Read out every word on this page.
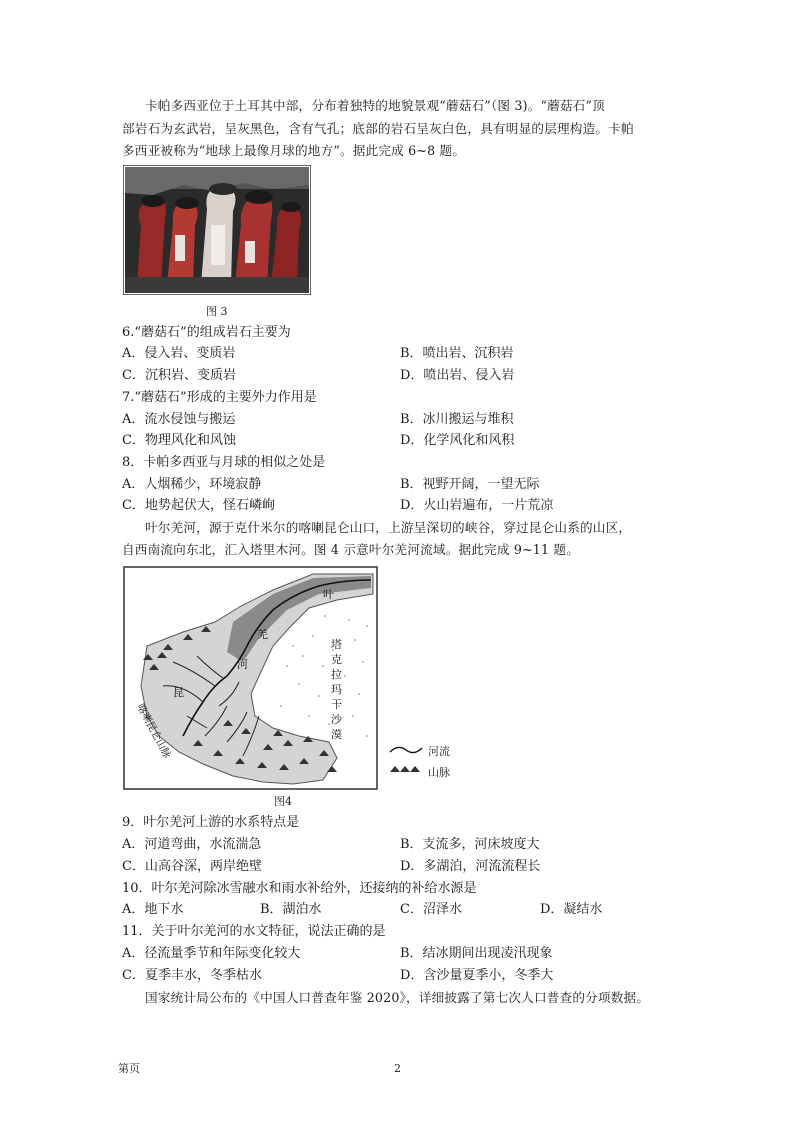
卡帕多西亚位于土耳其中部，分布着独特的地貌景观“蘑菇石”（图 3)。“蘑菇石”顶
部岩石为玄武岩，呈灰黑色，含有气孔；底部的岩石呈灰白色，具有明显的层理构造。卡帕
多西亚被称为“地球上最像月球的地方”。据此完成 6~8 题。
图 3
6.“蘑菇石”的组成岩石主要为
A．侵入岩、变质岩	B．喷出岩、沉积岩
C．沉积岩、变质岩	D．喷出岩、侵入岩
7.“蘑菇石”形成的主要外力作用是
A．流水侵蚀与搬运	B．冰川搬运与堆积
C．物理风化和风蚀	D．化学风化和风积
8．卡帕多西亚与月球的相似之处是
A．人烟稀少，环境寂静	B．视野开阔，一望无际
C．地势起伏大，怪石嶙峋	D．火山岩遍布，一片荒凉
叶尔羌河，源于克什米尔的喀喇昆仑山口，上游呈深切的峡谷，穿过昆仑山系的山区，
自西南流向东北，汇入塔里木河。图 4 示意叶尔羌河流域。据此完成 9~11 题。
叶
羌
河
昆
塔
克
拉
玛
干
沙
漠
喀喇昆仑山脉	河流
山脉
图4
9．叶尔羌河上游的水系特点是
A．河道弯曲，水流湍急	B．支流多，河床坡度大
C．山高谷深，两岸绝壁	D．多湖泊，河流流程长
10．叶尔羌河除冰雪融水和雨水补给外，还接纳的补给水源是
A．地下水	B．湖泊水	C．沼泽水	D．凝结水
11．关于叶尔羌河的水文特征，说法正确的是
A．径流量季节和年际变化较大	B．结冰期间出现凌汛现象
C．夏季丰水，冬季枯水	D．含沙量夏季小，冬季大
国家统计局公布的《中国人口普查年鉴 2020》，详细披露了第七次人口普查的分项数据。
第页	2
